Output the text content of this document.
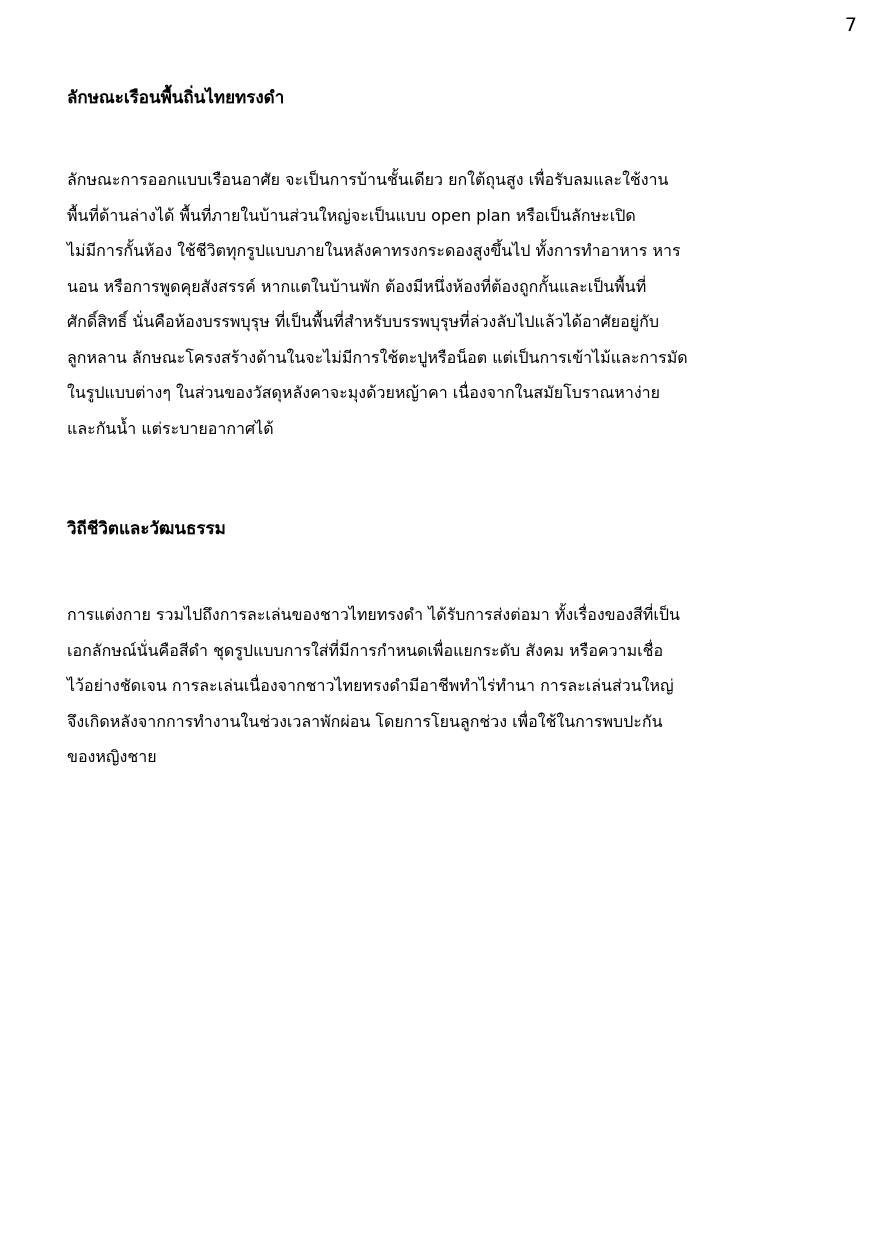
7
ลักษณะเรือนพื้นถิ่นไทยทรงดำ

ลักษณะการออกแบบเรือนอาศัย จะเป็นการบ้านชั้นเดียว ยกใต้ถุนสูง เพื่อรับลมและใช้งาน
พื้นที่ด้านล่างได้ พื้นที่ภายในบ้านส่วนใหญ่จะเป็นแบบ open plan หรือเป็นลักษะเปิด
ไม่มีการกั้นห้อง ใช้ชีวิตทุกรูปแบบภายในหลังคาทรงกระดองสูงขึ้นไป ทั้งการทำอาหาร หาร
นอน หรือการพูดคุยสังสรรค์ หากแตในบ้านพัก ต้องมีหนึ่งห้องที่ต้องถูกกั้นและเป็นพื้นที่
ศักดิ์สิทธิ์ นั่นคือห้องบรรพบุรุษ ที่เป็นพื้นที่สำหรับบรรพบุรุษที่ล่วงลับไปแล้วได้อาศัยอยู่กับ
ลูกหลาน ลักษณะโครงสร้างด้านในจะไม่มีการใช้ตะปูหรือน็อต แต่เป็นการเข้าไม้และการมัด
ในรูปแบบต่างๆ ในส่วนของวัสดุหลังคาจะมุงด้วยหญ้าคา เนื่องจากในสมัยโบราณหาง่าย
และกันน้ำ แต่ระบายอากาศได้

วิถีชีวิตและวัฒนธรรม

การแต่งกาย รวมไปถึงการละเล่นของชาวไทยทรงดำ ได้รับการส่งต่อมา ทั้งเรื่องของสีที่เป็น
เอกลักษณ์นั่นคือสีดำ ชุดรูปแบบการใส่ที่มีการกำหนดเพื่อแยกระดับ สังคม หรือความเชื่อ
ไว้อย่างชัดเจน การละเล่นเนื่องจากชาวไทยทรงดำมีอาชีพทำไร่ทำนา การละเล่นส่วนใหญ่
จึงเกิดหลังจากการทำงานในช่วงเวลาพักผ่อน โดยการโยนลูกช่วง เพื่อใช้ในการพบปะกัน
ของหญิงชาย
